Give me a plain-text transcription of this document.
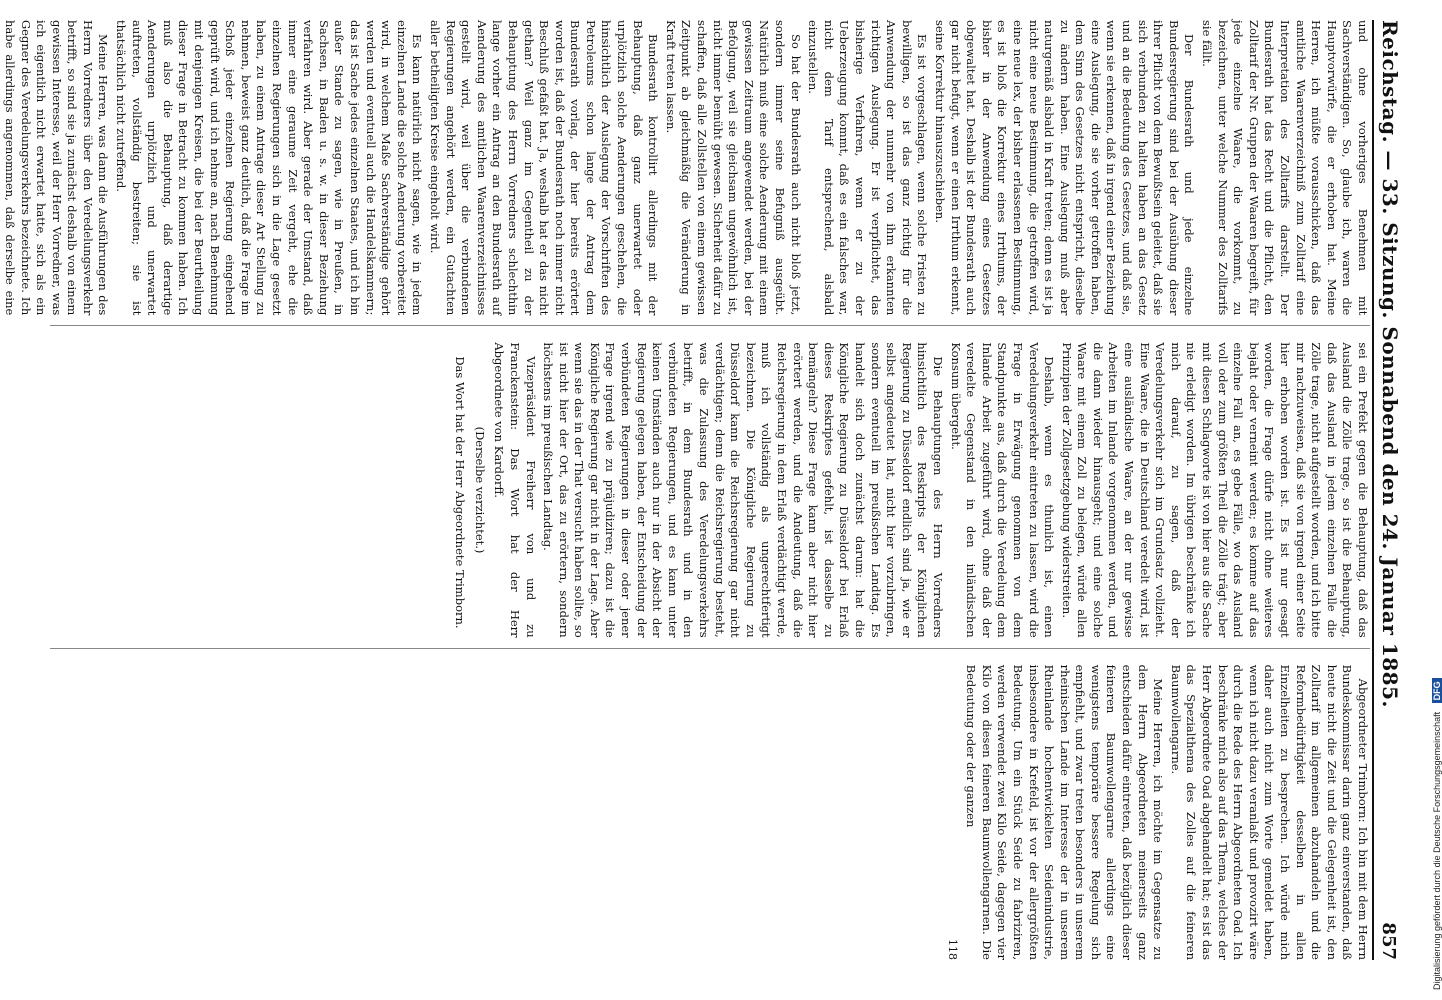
Reichstag. — 33. Sitzung. Sonnabend den 24. Januar 1885.
857

und ohne vorheriges Benehmen mit Sachverständigen. So, glaube ich, waren die Hauptvorwürfe, die er erhoben hat. Meine Herren, ich müßte vorausschicken, daß das amtliche Waarenverzeichniß zum Zolltarif eine Interpretation des Zolltarifs darstellt. Der Bundesrath hat das Recht und die Pflicht, den Zolltarif der Nr. Gruppen der Waaren begreift, für jede einzelne Waare, die vorkommt, zu bezeichnen, unter welche Nummer des Zolltarifs sie fällt.

Der Bundesrath und jede einzelne Bundesregierung sind bei der Ausübung dieser ihrer Pflicht von dem Bewußtsein geleitet, daß sie sich verbunden zu halten haben an das Gesetz und an die Bedeutung des Gesetzes, und daß sie, wenn sie erkennen, daß in irgend einer Beziehung eine Auslegung, die sie vorher getroffen haben, dem Sinn des Gesetzes nicht entspricht, dieselbe zu ändern haben. Eine Auslegung muß aber naturgemäß alsbald in Kraft treten; denn es ist ja nicht eine neue Bestimmung, die getroffen wird, eine neue lex, der bisher erlassenen Bestimmung, es ist bloß die Korrektur eines Irrthums, der bisher in der Anwendung eines Gesetzes obgewaltet hat. Deshalb ist der Bundesrath auch gar nicht befugt, wenn er einen Irrthum erkennt, seine Korrektur hinauszuschieben.

Es ist vorgeschlagen, wenn solche Fristen zu bewilligen, so ist das ganz richtig für die Anwendung der nunmehr von ihm erkannten richtigen Auslegung. Er ist verpflichtet, das bisherige Verfahren, wenn er zu der Ueberzeugung kommt, daß es ein falsches war, nicht dem Tarif entsprechend, alsbald einzustellen.

So hat der Bundesrath auch nicht bloß jetzt, sondern immer seine Befugniß ausgeübt. Natürlich muß eine solche Aenderung mit einem gewissen Zeitraum angewendet werden, bei der Befolgung, weil sie gleichsam ungewöhnlich ist, nicht immer bemüht gewesen. Sicherheit dafür zu schaffen, daß alle Zollstellen von einem gewissen Zeitpunkt ab gleichmäßig die Veränderung in Kraft treten lassen.

Bundesrath kontrollirt allerdings mit der Behauptung, daß ganz unerwartet oder urplötzlich solche Aenderungen geschehen, die hinsichtlich der Auslegung der Vorschriften des Petroleums schon lange der Antrag dem Bundesrath vorlag, der hier bereits erörtert worden ist, daß der Bundesrath noch immer nicht Beschluß gefaßt hat. Ja, weshalb hat er das nicht gethan? Weil ganz im Gegentheil zu der Behauptung des Herrn Vorredners schlechthin lange vorher ein Antrag an den Bundesrath auf Aenderung des amtlichen Waarenverzeichnisses gestellt wird, weil über die verbundenen Regierungen angehört werden, ein Gutachten aller betheiligten Kreise eingeholt wird.

Es kann natürlich nicht sagen, wie in jedem einzelnen Lande die solche Aenderung vorbereitet wird, in welchem Maße Sachverständige gehört werden und eventuell auch die Handelskammern; das ist Sache jedes einzelnen Staates, und ich bin außer Stande zu sagen, wie in Preußen, in Sachsen, in Baden u. s. w. in dieser Beziehung verfahren wird. Aber gerade der Umstand, daß immer eine geraume Zeit vergeht, ehe die einzelnen Regierungen sich in die Lage gesetzt haben, zu einem Antrage dieser Art Stellung zu nehmen, beweist ganz deutlich, daß die Frage im Schoß jeder einzelnen Regierung eingehend geprüft wird, und ich nehme an, nach Benehmung mit denjenigen Kreisen, die bei der Beurtheilung dieser Frage in Betracht zu kommen haben. Ich muß also die Behauptung, daß derartige Aenderungen urplötzlich und unerwartet auftreten, vollständig bestreiten; sie ist thatsächlich nicht zutreffend.

Meine Herren, was dann die Ausführungen des Herrn Vorredners über den Veredelungsverkehr betrifft, so sind sie ja zunächst deshalb von einem gewissen Interesse, weil der Herr Vorredner, was ich eigentlich nicht erwartet hatte, sich als ein Gegner des Veredelungsverkehrs bezeichnete. Ich habe allerdings angenommen, daß derselbe eine

sei ein Prefekt gegen die Behauptung, daß das Ausland die Zölle trage, so ist die Behauptung, daß das Ausland in jedem einzelnen Falle die Zölle trage, nicht aufgestellt worden, und ich bitte mir nachzuweisen, daß sie von irgend einer Seite hier erhoben worden ist. Es ist nur gesagt worden, die Frage dürfe nicht ohne weiteres bejaht oder verneint werden; es komme auf das einzelne Fall an, es gebe Fälle, wo das Ausland voll oder zum größten Theil die Zölle trägt; aber mit diesen Schlagworte ist von hier aus die Sache nie erledigt worden. Im übrigen beschränke ich mich darauf, zu sagen, daß der Veredelungsverkehr sich im Grundsatz vollzieht. Eine Waare, die in Deutschland veredelt wird, ist eine ausländische Waare, an der nur gewisse Arbeiten im Inlande vorgenommen werden, und die dann wieder hinausgeht; und eine solche Waare mit einem Zoll zu belegen, würde allen Prinzipien der Zollgesetzgebung widerstreiten.

Deshalb, wenn es thunlich ist, einen Veredelungsverkehr eintreten zu lassen, wird die Frage in Erwägung genommen von dem Standpunkte aus, daß durch die Veredelung dem Inlande Arbeit zugeführt wird, ohne daß der veredelte Gegenstand in den inländischen Konsum übergeht.

Die Behauptungen des Herrn Vorredners hinsichtlich des Reskripts der Königlichen Regierung zu Düsseldorf endlich sind ja, wie er selbst angedeutet hat, nicht hier vorzubringen, sondern eventuell im preußischen Landtag. Es handelt sich doch zunächst darum: hat die Königliche Regierung zu Düsseldorf bei Erlaß dieses Reskriptes gefehlt, ist dasselbe zu bemängeln? Diese Frage kann aber nicht hier erörtert werden, und die Andeutung, daß die Reichsregierung in dem Erlaß verdächtigt werde, muß ich vollständig als ungerechtfertigt bezeichnen. Die Königliche Regierung zu Düsseldorf kann die Reichsregierung gar nicht verdächtigen; denn die Reichsregierung besteht, was die Zulassung des Veredelungsverkehrs betrifft, in dem Bundesrath und in den verbündeten Regierungen, und es kann unter keinen Umständen auch nur in der Absicht der Regierung gelegen haben, der Entscheidung der verbündeten Regierungen in dieser oder jener Frage irgend wie zu präjudiziren; dazu ist die Königliche Regierung gar nicht in der Lage. Aber wenn sie das in der That versucht haben sollte, so ist nicht hier der Ort, das zu erörtern, sondern höchstens im preußischen Landtag.

Vizepräsident Freiherr von und zu Franckenstein: Das Wort hat der Herr Abgeordnete von Kardorff.

(Derselbe verzichtet.)

Das Wort hat der Herr Abgeordnete Trimborn.

Abgeordneter Trimborn: Ich bin mit dem Herrn Bundeskommissar darin ganz einverstanden, daß heute nicht die Zeit und die Gelegenheit ist, den Zolltarif im allgemeinen abzuhandeln und die Reformbedürftigkeit desselben in allen Einzelheiten zu besprechen. Ich würde mich daher auch nicht zum Worte gemeldet haben, wenn ich nicht dazu veranlaßt und provozirt wäre durch die Rede des Herrn Abgeordneten Oad. Ich beschränke mich also auf das Thema, welches der Herr Abgeordnete Oad abgehandelt hat; es ist das das Spezialthema des Zolles auf die feineren Baumwollengarne.

Meine Herren, ich möchte im Gegensatze zu dem Herrn Abgeordneten meinerseits ganz entschieden dafür eintreten, daß bezüglich dieser feineren Baumwollengarne allerdings eine wenigstens temporäre bessere Regelung sich empfiehlt, und zwar treten besonders in unserem rheinischen Lande im Interesse der in unserem Rheinlande hochentwickelten Seidenindustrie, insbesondere in Krefeld, ist vor der allergrößten Bedeutung. Um ein Stück Seide zu fabriziren, werden verwendet zwei Kilo Seide, dagegen vier Kilo von diesen feineren Baumwollengarnen. Die Bedeutung oder der ganzen

118	Digitalisierung gefördert durch die Deutsche Forschungsgemeinschaft DFG
